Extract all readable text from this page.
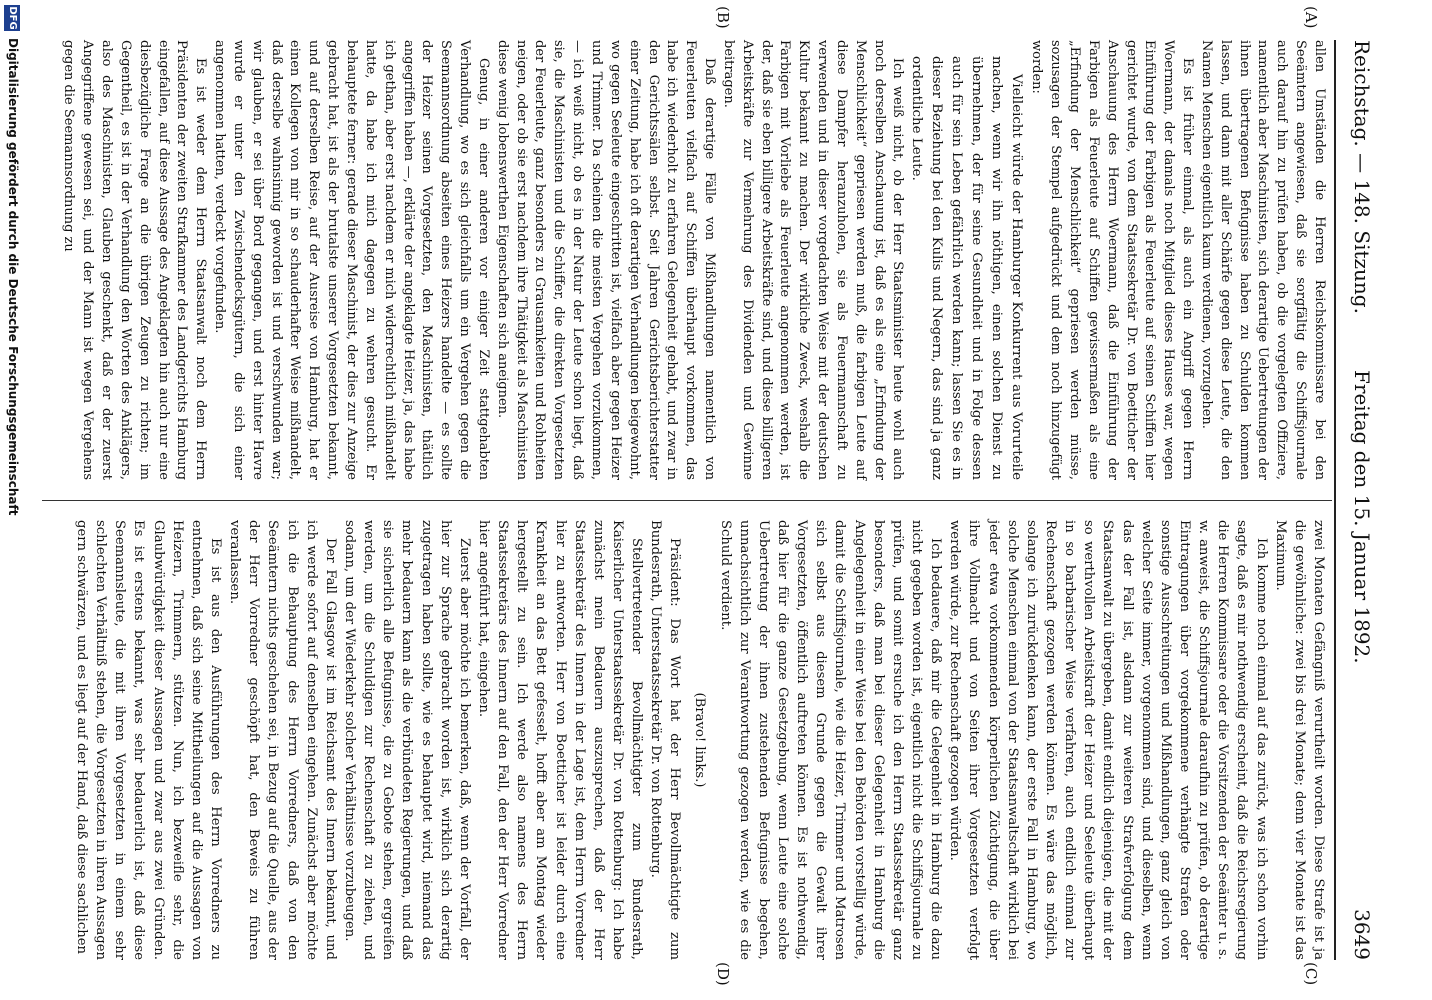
Reichstag. — 148. Sitzung.
Freitag den 15. Januar 1892.
3649
(A)
(B)
(C)
(D)

allen Umständen die Herren Reichskommissare bei den Seeämtern angewiesen, daß sie sorgfältig die Schiffsjournale auch darauf hin zu prüfen haben, ob die vorgelegten Offiziere, namentlich aber Maschinisten, sich derartige Uebertretungen der ihnen übertragenen Befugnisse haben zu Schulden kommen lassen, und dann mit aller Schärfe gegen diese Leute, die den Namen Menschen eigentlich kaum verdienen, vorzugehen.

Es ist früher einmal, als auch ein Angriff gegen Herrn Woermann, der damals noch Mitglied dieses Hauses war, wegen Einführung der Farbigen als Feuerleute auf seinen Schiffen hier gerichtet wurde, von dem Staatssekretär Dr. von Boetticher der Anschauung des Herrn Woermann, daß die Einführung der Farbigen als Feuerleute auf Schiffen gewissermaßen als eine „Erfindung der Menschlichkeit“ gepriesen werden müsse, sozusagen der Stempel aufgedrückt und dem noch hinzugefügt worden:

Vielleicht würde der Hamburger Konkurrent aus Vorurteile machen, wenn wir ihn nöthigen, einen solchen Dienst zu übernehmen, der für seine Gesundheit und in Folge dessen auch für sein Leben gefährlich werden kann; lassen Sie es in dieser Beziehung bei den Kulis und Negern, das sind ja ganz ordentliche Leute.

Ich weiß nicht, ob der Herr Staatsminister heute wohl auch noch derselben Anschauung ist, daß es als eine „Erfindung der Menschlichkeit“ gepriesen werden muß, die farbigen Leute auf diese Dampfer heranzuholen, sie als Feuermannschaft zu verwenden und in dieser vorgedachten Weise mit der deutschen Kultur bekannt zu machen. Der wirkliche Zweck, weshalb die Farbigen mit Vorliebe als Feuerleute angenommen werden, ist der, daß sie eben billigere Arbeitskräfte sind, und diese billigeren Arbeitskräfte zur Vermehrung des Dividenden und Gewinne beitragen.

Daß derartige Fälle von Mißhandlungen namentlich von Feuerleuten vielfach auf Schiffen überhaupt vorkommen, das habe ich wiederholt zu erfahren Gelegenheit gehabt, und zwar in den Gerichtssälen selbst. Seit Jahren Gerichtsberichterstatter einer Zeitung, habe ich oft derartigen Verhandlungen beigewohnt, wo gegen Seeleute eingeschritten ist, vielfach aber gegen Heizer und Trimmer. Da scheinen die meisten Vergehen vorzukommen, — ich weiß nicht, ob es in der Natur der Leute schon liegt, daß sie, die Maschinisten und die Schiffer, die direkten Vorgesetzten der Feuerleute, ganz besonders zu Grausamkeiten und Rohheiten neigen, oder ob sie erst nachdem ihre Thätigkeit als Maschinisten diese wenig lobenswerthen Eigenschaften sich aneignen.

Genug, in einer anderen vor einiger Zeit stattgehabten Verhandlung, wo es sich gleichfalls um ein Vergehen gegen die Seemannsordnung abseiten eines Heizers handelte — es sollte der Heizer seinen Vorgesetzten, den Maschinisten, thätlich angegriffen haben —, erklärte der angeklagte Heizer, ja, das habe ich gethan, aber erst nachdem er mich widerrechtlich mißhandelt hatte, da habe ich mich dagegen zu wehren gesucht. Er behauptete ferner: gerade dieser Maschinist, der dies zur Anzeige gebracht hat, ist als der brutalste unserer Vorgesetzten bekannt, und auf derselben Reise, auf der Ausreise von Hamburg, hat er einen Kollegen von mir in so schauderhafter Weise mißhandelt, daß derselbe wahnsinnig geworden ist und verschwunden war; wir glauben, er sei über Bord gegangen, und erst hinter Havre wurde er unter den Zwischendecksgütern, die sich einer angenommen hatten, verdeckt vorgefunden.

Es ist weder dem Herrn Staatsanwalt noch dem Herrn Präsidenten der zweiten Strafkammer des Landgerichts Hamburg eingefallen, auf diese Aussage des Angeklagten hin auch nur eine diesbezügliche Frage an die übrigen Zeugen zu richten; im Gegentheil, es ist in der Verhandlung den Worten des Anklägers, also des Maschinisten, Glauben geschenkt, daß er der zuerst Angegriffene gewesen sei, und der Mann ist wegen Vergehens gegen die Seemannsordnung zu

zwei Monaten Gefängniß verurtheilt worden. Diese Strafe ist ja die gewöhnliche: zwei bis drei Monate; denn vier Monate ist das Maximum.

Ich komme noch einmal auf das zurück, was ich schon vorhin sagte, daß es mir nothwendig erscheint, daß die Reichsregierung die Herren Kommissare oder die Vorsitzenden der Seeämter u. s. w. anweist, die Schiffsjournale daraufhin zu prüfen, ob derartige Eintragungen über vorgekommene verhängte Strafen oder sonstige Ausschreitungen und Mißhandlungen, ganz gleich von welcher Seite immer, vorgenommen sind, und dieselben, wenn das der Fall ist, alsdann zur weiteren Strafverfolgung dem Staatsanwalt zu übergeben, damit endlich diejenigen, die mit der so werthvollen Arbeitskraft der Heizer und Seeleute überhaupt in so barbarischer Weise verfahren, auch endlich einmal zur Rechenschaft gezogen werden können. Es wäre das möglich, solange ich zurückdenken kann, der erste Fall in Hamburg, wo solche Menschen einmal von der Staatsanwaltschaft wirklich bei jeder etwa vorkommenden körperlichen Züchtigung, die über ihre Vollmacht und von Seiten ihrer Vorgesetzten verfolgt werden würde, zur Rechenschaft gezogen würden.

Ich bedauere, daß mir die Gelegenheit in Hamburg die dazu nicht gegeben worden ist, eigentlich nicht die Schiffsjournale zu prüfen, und somit ersuche ich den Herrn Staatssekretär ganz besonders, daß man bei dieser Gelegenheit in Hamburg die Angelegenheit in einer Weise bei den Behörden vorstellig würde, damit die Schiffsjournale, wie die Heizer, Trimmer und Matrosen sich selbst aus diesem Grunde gegen die Gewalt ihrer Vorgesetzten, öffentlich auftreten können. Es ist nothwendig, daß hier für die ganze Gesetzgebung, wenn Leute eine solche Uebertretung der ihnen zustehenden Befugnisse begehen, unnachsichtlich zur Verantwortung gezogen werden, wie es die Schuld verdient.

(Bravo! links.)

Präsident: Das Wort hat der Herr Bevollmächtigte zum Bundesrath, Unterstaatssekretär Dr. von Rottenburg.

Stellvertretender Bevollmächtigter zum Bundesrath, Kaiserlicher Unterstaatssekretär Dr. von Rottenburg: Ich habe zunächst mein Bedauern auszusprechen, daß der Herr Staatssekretär des Innern in der Lage ist, dem Herrn Vorredner hier zu antworten. Herr von Boetticher ist leider durch eine Krankheit an das Bett gefesselt, hofft aber am Montag wieder hergestellt zu sein. Ich werde also namens des Herrn Staatssekretärs des Innern auf den Fall, den der Herr Vorredner hier angeführt hat, eingehen.

Zuerst aber möchte ich bemerken, daß, wenn der Vorfall, der hier zur Sprache gebracht worden ist, wirklich sich derartig zugetragen haben sollte, wie es behauptet wird, niemand das mehr bedauern kann als die verbündeten Regierungen, und daß sie sicherlich alle Befugnisse, die zu Gebote stehen, ergreifen werden, um die Schuldigen zur Rechenschaft zu ziehen, und sodann, um der Wiederkehr solcher Verhältnisse vorzubeugen.

Der Fall Glasgow ist im Reichsamt des Innern bekannt, und ich werde sofort auf denselben eingehen. Zunächst aber möchte ich die Behauptung des Herrn Vorredners, daß von den Seeämtern nichts geschehen sei, in Bezug auf die Quelle, aus der der Herr Vorredner geschöpft hat, den Beweis zu führen veranlassen.

Es ist aus den Ausführungen des Herrn Vorredners zu entnehmen, daß sich seine Mittheilungen auf die Aussagen von Heizern, Trimmern, stützen. Nun, ich bezweifle sehr, die Glaubwürdigkeit dieser Aussagen und zwar aus zwei Gründen. Es ist erstens bekannt, was sehr bedauerlich ist, daß diese Seemannsleute, die mit ihren Vorgesetzten in einem sehr schlechten Verhältniß stehen, die Vorgesetzten in ihren Aussagen gern schwärzen, und es liegt auf der Hand, daß diese sachlichen

DFG
Digitalisierung gefördert durch die Deutsche Forschungsgemeinschaft
